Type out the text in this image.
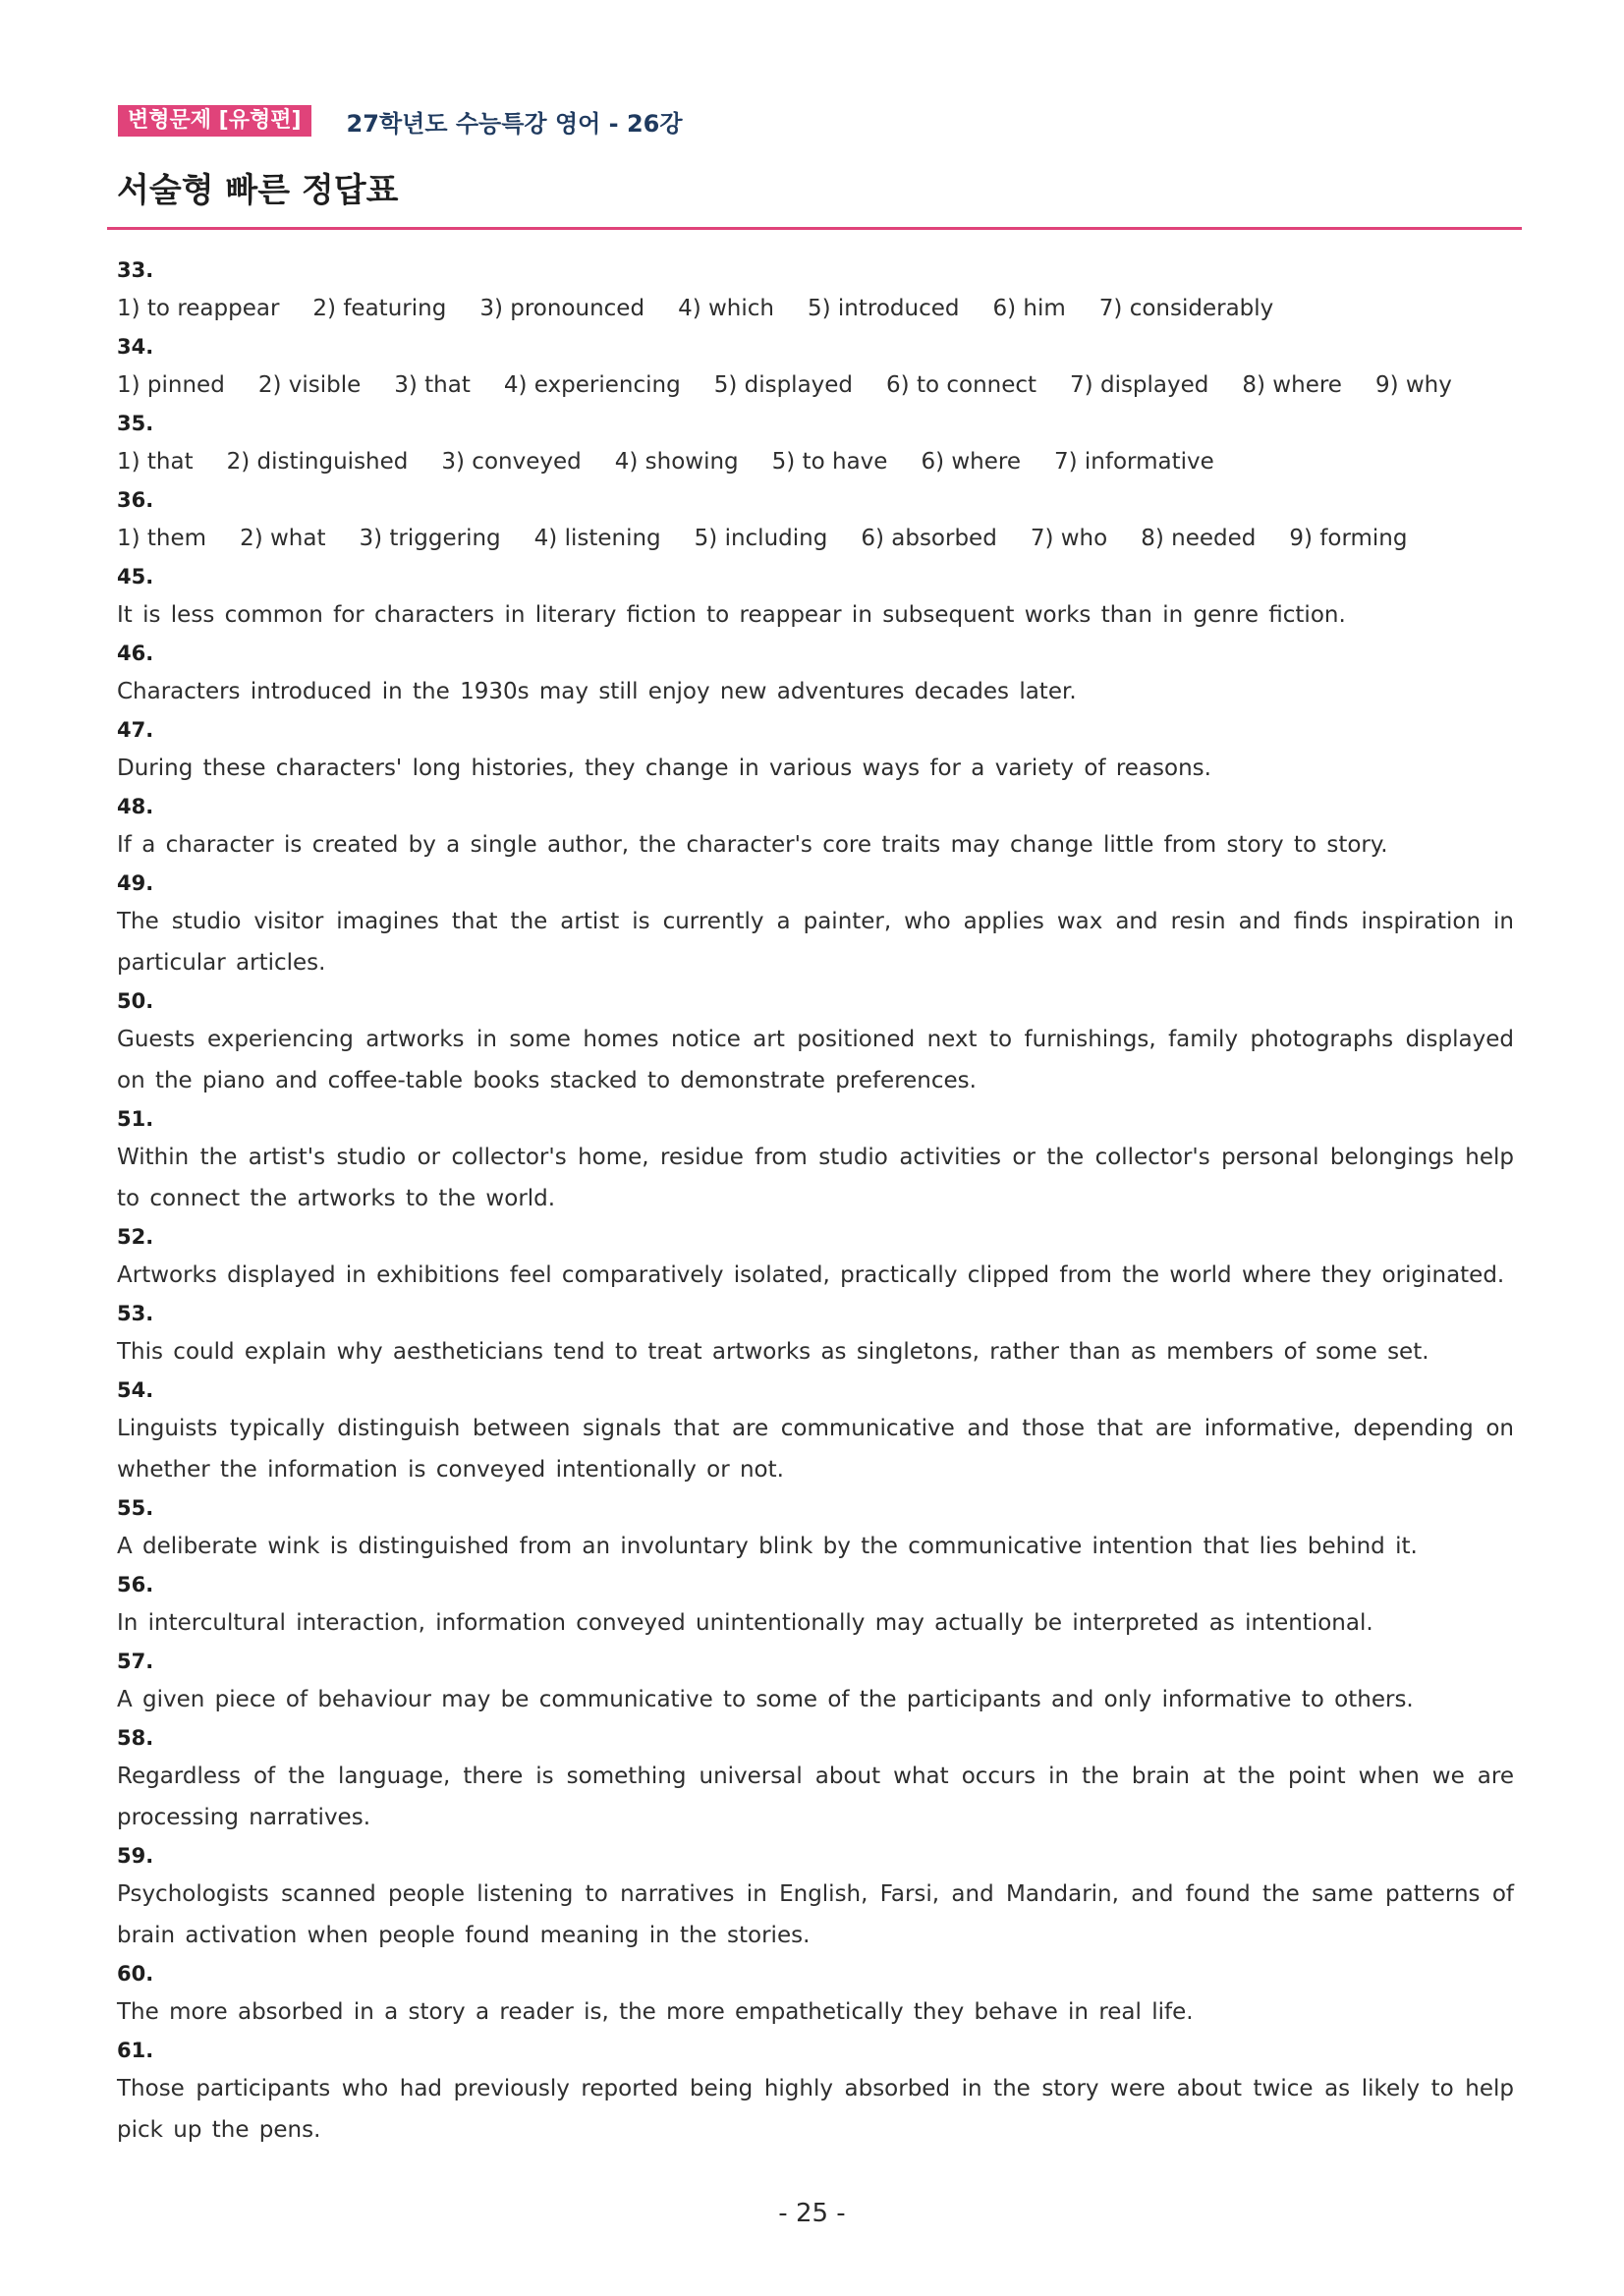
변형문제 [유형편]	27학년도 수능특강 영어 - 26강
서술형 빠른 정답표
33.
1) to reappear 2) featuring 3) pronounced 4) which 5) introduced 6) him 7) considerably
34.
1) pinned 2) visible 3) that 4) experiencing 5) displayed 6) to connect 7) displayed 8) where 9) why
35.
1) that 2) distinguished 3) conveyed 4) showing 5) to have 6) where 7) informative
36.
1) them 2) what 3) triggering 4) listening 5) including 6) absorbed 7) who 8) needed 9) forming
45.
It is less common for characters in literary fiction to reappear in subsequent works than in genre fiction.
46.
Characters introduced in the 1930s may still enjoy new adventures decades later.
47.
During these characters' long histories, they change in various ways for a variety of reasons.
48.
If a character is created by a single author, the character's core traits may change little from story to story.
49.
The studio visitor imagines that the artist is currently a painter, who applies wax and resin and finds inspiration in particular articles.
50.
Guests experiencing artworks in some homes notice art positioned next to furnishings, family photographs displayed on the piano and coffee-table books stacked to demonstrate preferences.
51.
Within the artist's studio or collector's home, residue from studio activities or the collector's personal belongings help to connect the artworks to the world.
52.
Artworks displayed in exhibitions feel comparatively isolated, practically clipped from the world where they originated.
53.
This could explain why aestheticians tend to treat artworks as singletons, rather than as members of some set.
54.
Linguists typically distinguish between signals that are communicative and those that are informative, depending on whether the information is conveyed intentionally or not.
55.
A deliberate wink is distinguished from an involuntary blink by the communicative intention that lies behind it.
56.
In intercultural interaction, information conveyed unintentionally may actually be interpreted as intentional.
57.
A given piece of behaviour may be communicative to some of the participants and only informative to others.
58.
Regardless of the language, there is something universal about what occurs in the brain at the point when we are processing narratives.
59.
Psychologists scanned people listening to narratives in English, Farsi, and Mandarin, and found the same patterns of brain activation when people found meaning in the stories.
60.
The more absorbed in a story a reader is, the more empathetically they behave in real life.
61.
Those participants who had previously reported being highly absorbed in the story were about twice as likely to help pick up the pens.
- 25 -
